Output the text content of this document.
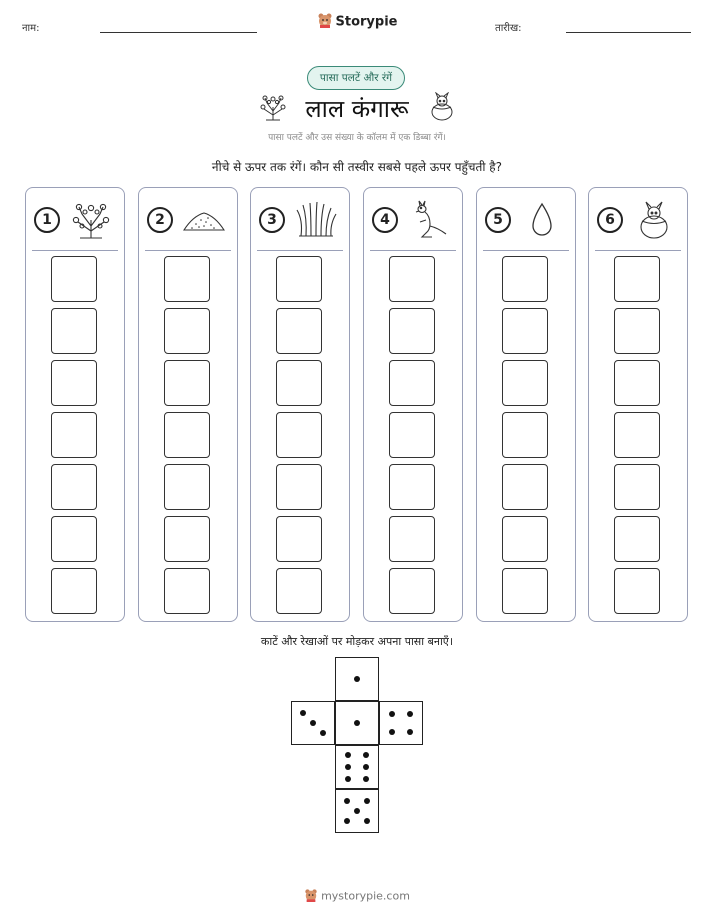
नाम:	Storypie	तारीख:
पासा पलटें और रंगें
लाल कंगारू
पासा पलटें और उस संख्या के कॉलम में एक डिब्बा रंगें।
नीचे से ऊपर तक रंगें। कौन सी तस्वीर सबसे पहले ऊपर पहुँचती है?
1	2	3	4	5	6
काटें और रेखाओं पर मोड़कर अपना पासा बनाएँ।
mystorypie.com
